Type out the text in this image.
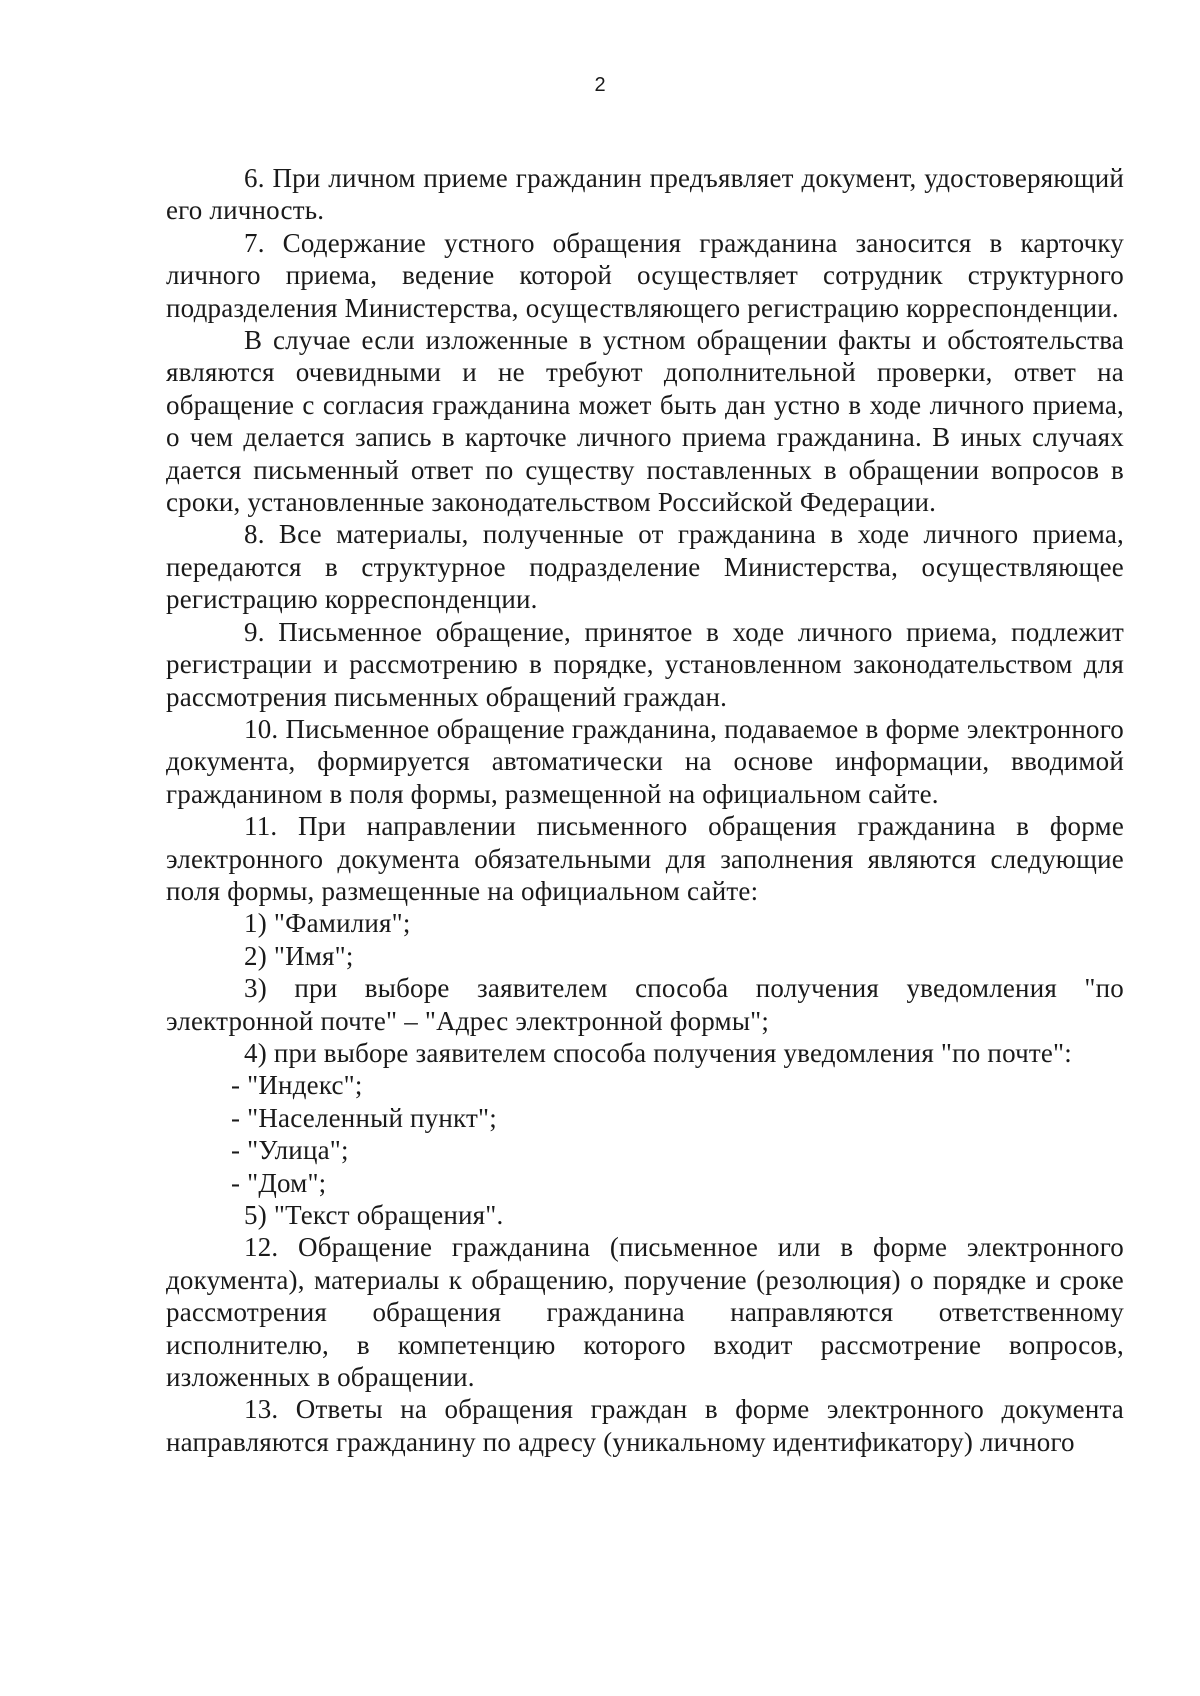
2

6. При личном приеме гражданин предъявляет документ, удостоверяющий его личность.

7. Содержание устного обращения гражданина заносится в карточку личного приема, ведение которой осуществляет сотрудник структурного подразделения Министерства, осуществляющего регистрацию корреспонденции.

В случае если изложенные в устном обращении факты и обстоятельства являются очевидными и не требуют дополнительной проверки, ответ на обращение с согласия гражданина может быть дан устно в ходе личного приема, о чем делается запись в карточке личного приема гражданина. В иных случаях дается письменный ответ по существу поставленных в обращении вопросов в сроки, установленные законодательством Российской Федерации.

8. Все материалы, полученные от гражданина в ходе личного приема, передаются в структурное подразделение Министерства, осуществляющее регистрацию корреспонденции.

9. Письменное обращение, принятое в ходе личного приема, подлежит регистрации и рассмотрению в порядке, установленном законодательством для рассмотрения письменных обращений граждан.

10. Письменное обращение гражданина, подаваемое в форме электронного документа, формируется автоматически на основе информации, вводимой гражданином в поля формы, размещенной на официальном сайте.

11. При направлении письменного обращения гражданина в форме электронного документа обязательными для заполнения являются следующие поля формы, размещенные на официальном сайте:

1) "Фамилия";

2) "Имя";

3) при выборе заявителем способа получения уведомления "по электронной почте" – "Адрес электронной формы";

4) при выборе заявителем способа получения уведомления "по почте":

- "Индекс";

- "Населенный пункт";

- "Улица";

- "Дом";

5) "Текст обращения".

12. Обращение гражданина (письменное или в форме электронного документа), материалы к обращению, поручение (резолюция) о порядке и сроке рассмотрения обращения гражданина направляются ответственному исполнителю, в компетенцию которого входит рассмотрение вопросов, изложенных в обращении.

13. Ответы на обращения граждан в форме электронного документа направляются гражданину по адресу (уникальному идентификатору) личного
